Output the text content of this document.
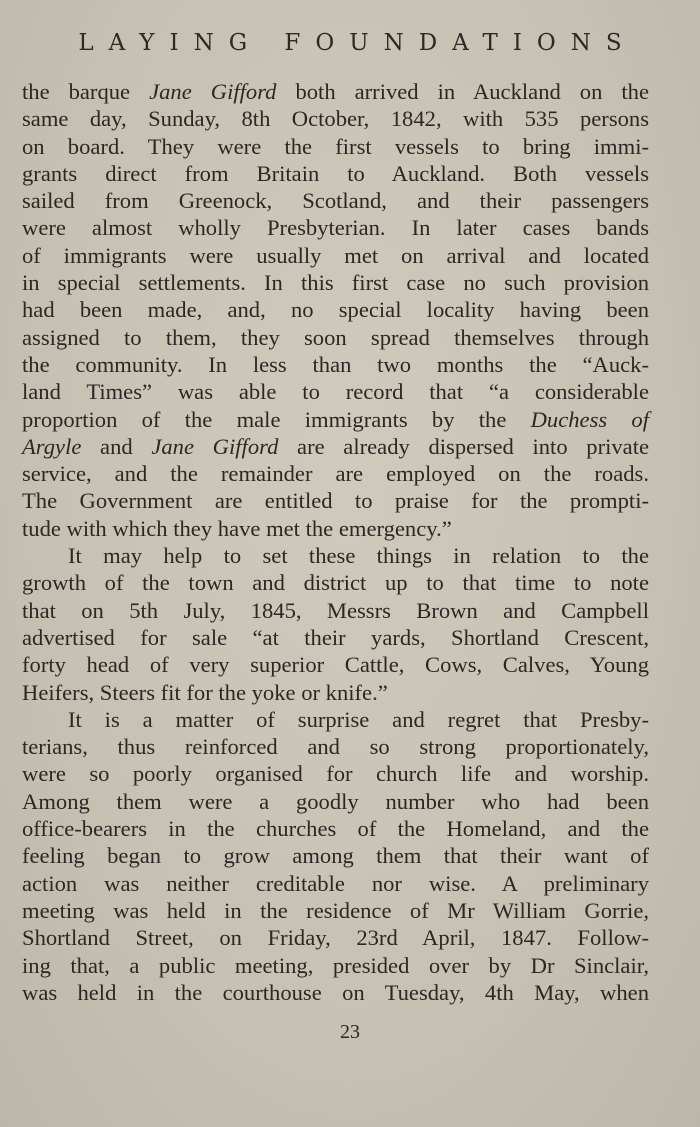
LAYING FOUNDATIONS
the barque Jane Gifford both arrived in Auckland on the
same day, Sunday, 8th October, 1842, with 535 persons
on board. They were the first vessels to bring immi-
grants direct from Britain to Auckland. Both vessels
sailed from Greenock, Scotland, and their passengers
were almost wholly Presbyterian. In later cases bands
of immigrants were usually met on arrival and located
in special settlements. In this first case no such provision
had been made, and, no special locality having been
assigned to them, they soon spread themselves through
the community. In less than two months the “Auck-
land Times” was able to record that “a considerable
proportion of the male immigrants by the Duchess of
Argyle and Jane Gifford are already dispersed into private
service, and the remainder are employed on the roads.
The Government are entitled to praise for the prompti-
tude with which they have met the emergency.”
It may help to set these things in relation to the
growth of the town and district up to that time to note
that on 5th July, 1845, Messrs Brown and Campbell
advertised for sale “at their yards, Shortland Crescent,
forty head of very superior Cattle, Cows, Calves, Young
Heifers, Steers fit for the yoke or knife.”
It is a matter of surprise and regret that Presby-
terians, thus reinforced and so strong proportionately,
were so poorly organised for church life and worship.
Among them were a goodly number who had been
office-bearers in the churches of the Homeland, and the
feeling began to grow among them that their want of
action was neither creditable nor wise. A preliminary
meeting was held in the residence of Mr William Gorrie,
Shortland Street, on Friday, 23rd April, 1847. Follow-
ing that, a public meeting, presided over by Dr Sinclair,
was held in the courthouse on Tuesday, 4th May, when
23
